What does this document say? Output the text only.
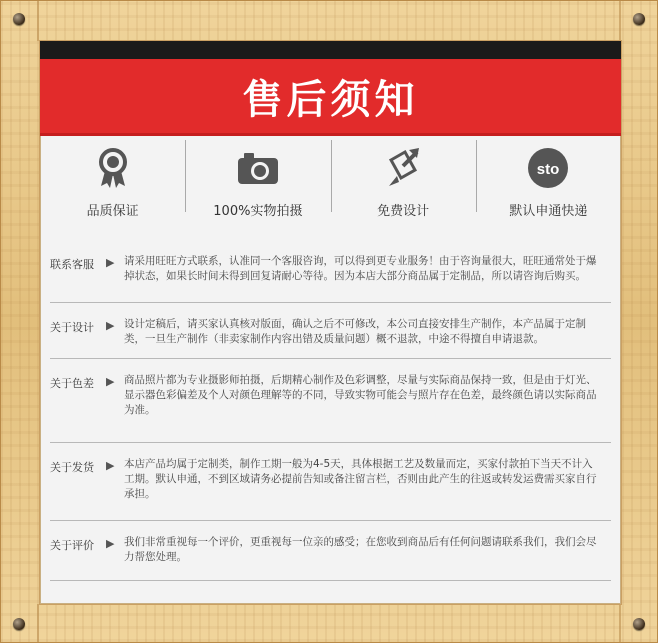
售后须知
品质保证	100%实物拍摄	免费设计
sto
默认申通快递
联系客服	▶ 请采用旺旺方式联系，认准同一个客服咨询，可以得到更专业服务！由于咨询量很大，旺旺通常处于爆掉状态，如果长时间未得到回复请耐心等待。因为本店大部分商品属于定制品，所以请咨询后购买。
关于设计	▶ 设计定稿后，请买家认真核对版面，确认之后不可修改，本公司直接安排生产制作，本产品属于定制类，一旦生产制作（非卖家制作内容出错及质量问题）概不退款，中途不得擅自申请退款。
关于色差	▶ 商品照片都为专业摄影师拍摄，后期精心制作及色彩调整，尽量与实际商品保持一致，但是由于灯光、显示器色彩偏差及个人对颜色理解等的不同，导致实物可能会与照片存在色差，最终颜色请以实际商品为准。
关于发货	▶ 本店产品均属于定制类，制作工期一般为4-5天，具体根据工艺及数量而定，买家付款拍下当天不计入工期。默认申通，不到区域请务必提前告知或备注留言栏，否则由此产生的往返或转发运费需买家自行承担。
关于评价	▶ 我们非常重视每一个评价，更重视每一位亲的感受；在您收到商品后有任何问题请联系我们，我们会尽力帮您处理。
